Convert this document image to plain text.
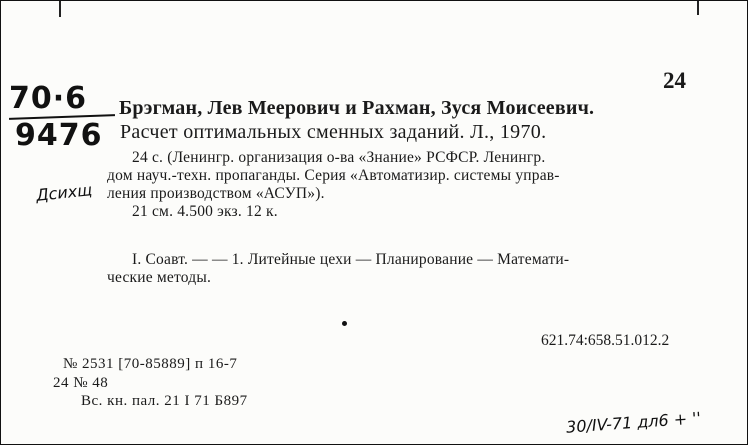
24
70·6
9476
Дсихщ
Брэгман, Лев Меерович и Рахман, Зуся Моисеевич.
Расчет оптимальных сменных заданий. Л., 1970.
24 с. (Ленингр. организация о-ва «Знание» РСФСР. Ленингр.
дом науч.-техн. пропаганды. Серия «Автоматизир. системы управ-
ления производством «АСУП»).
21 см. 4.500 экз. 12 к.
I. Соавт. — — 1. Литейные цехи — Планирование — Математи-
ческие методы.
621.74:658.51.012.2
№ 2531 [70-85889] п 16-7
24 № 48
Вс. кн. пал. 21 I 71 Б897
30/IV-71 дл6 + ''
